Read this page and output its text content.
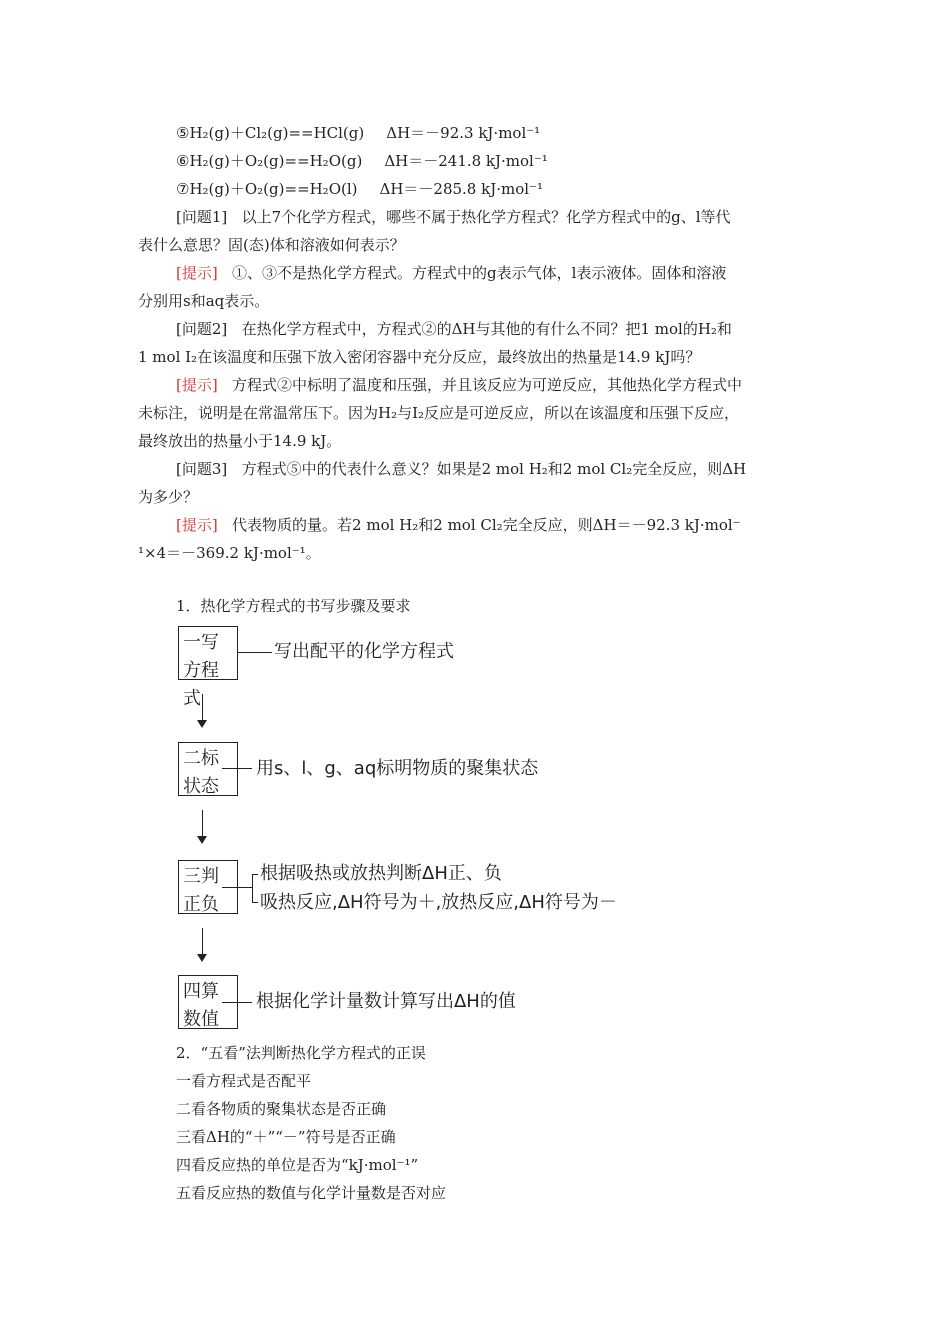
⑤H₂(g)＋Cl₂(g)==HCl(g) ΔH＝－92.3 kJ·mol⁻¹
⑥H₂(g)＋O₂(g)==H₂O(g) ΔH＝－241.8 kJ·mol⁻¹
⑦H₂(g)＋O₂(g)==H₂O(l) ΔH＝－285.8 kJ·mol⁻¹
[问题1] 以上7个化学方程式，哪些不属于热化学方程式？化学方程式中的g、l等代
表什么意思？固(态)体和溶液如何表示？
[提示] ①、③不是热化学方程式。方程式中的g表示气体，l表示液体。固体和溶液
分别用s和aq表示。
[问题2] 在热化学方程式中，方程式②的ΔH与其他的有什么不同？把1 mol的H₂和
1 mol I₂在该温度和压强下放入密闭容器中充分反应，最终放出的热量是14.9 kJ吗？
[提示] 方程式②中标明了温度和压强，并且该反应为可逆反应，其他热化学方程式中
未标注，说明是在常温常压下。因为H₂与I₂反应是可逆反应，所以在该温度和压强下反应，
最终放出的热量小于14.9 kJ。
[问题3] 方程式⑤中的代表什么意义？如果是2 mol H₂和2 mol Cl₂完全反应，则ΔH
为多少？
[提示] 代表物质的量。若2 mol H₂和2 mol Cl₂完全反应，则ΔH＝－92.3 kJ·mol⁻
¹×4＝－369.2 kJ·mol⁻¹。
1．热化学方程式的书写步骤及要求
一写
方程式
写出配平的化学方程式
二标
状态
用s、l、g、aq标明物质的聚集状态
三判
正负
根据吸热或放热判断ΔH正、负
吸热反应,ΔH符号为＋,放热反应,ΔH符号为－
四算
数值
根据化学计量数计算写出ΔH的值
2．“五看”法判断热化学方程式的正误
一看方程式是否配平
二看各物质的聚集状态是否正确
三看ΔH的“＋”“－”符号是否正确
四看反应热的单位是否为“kJ·mol⁻¹”
五看反应热的数值与化学计量数是否对应
